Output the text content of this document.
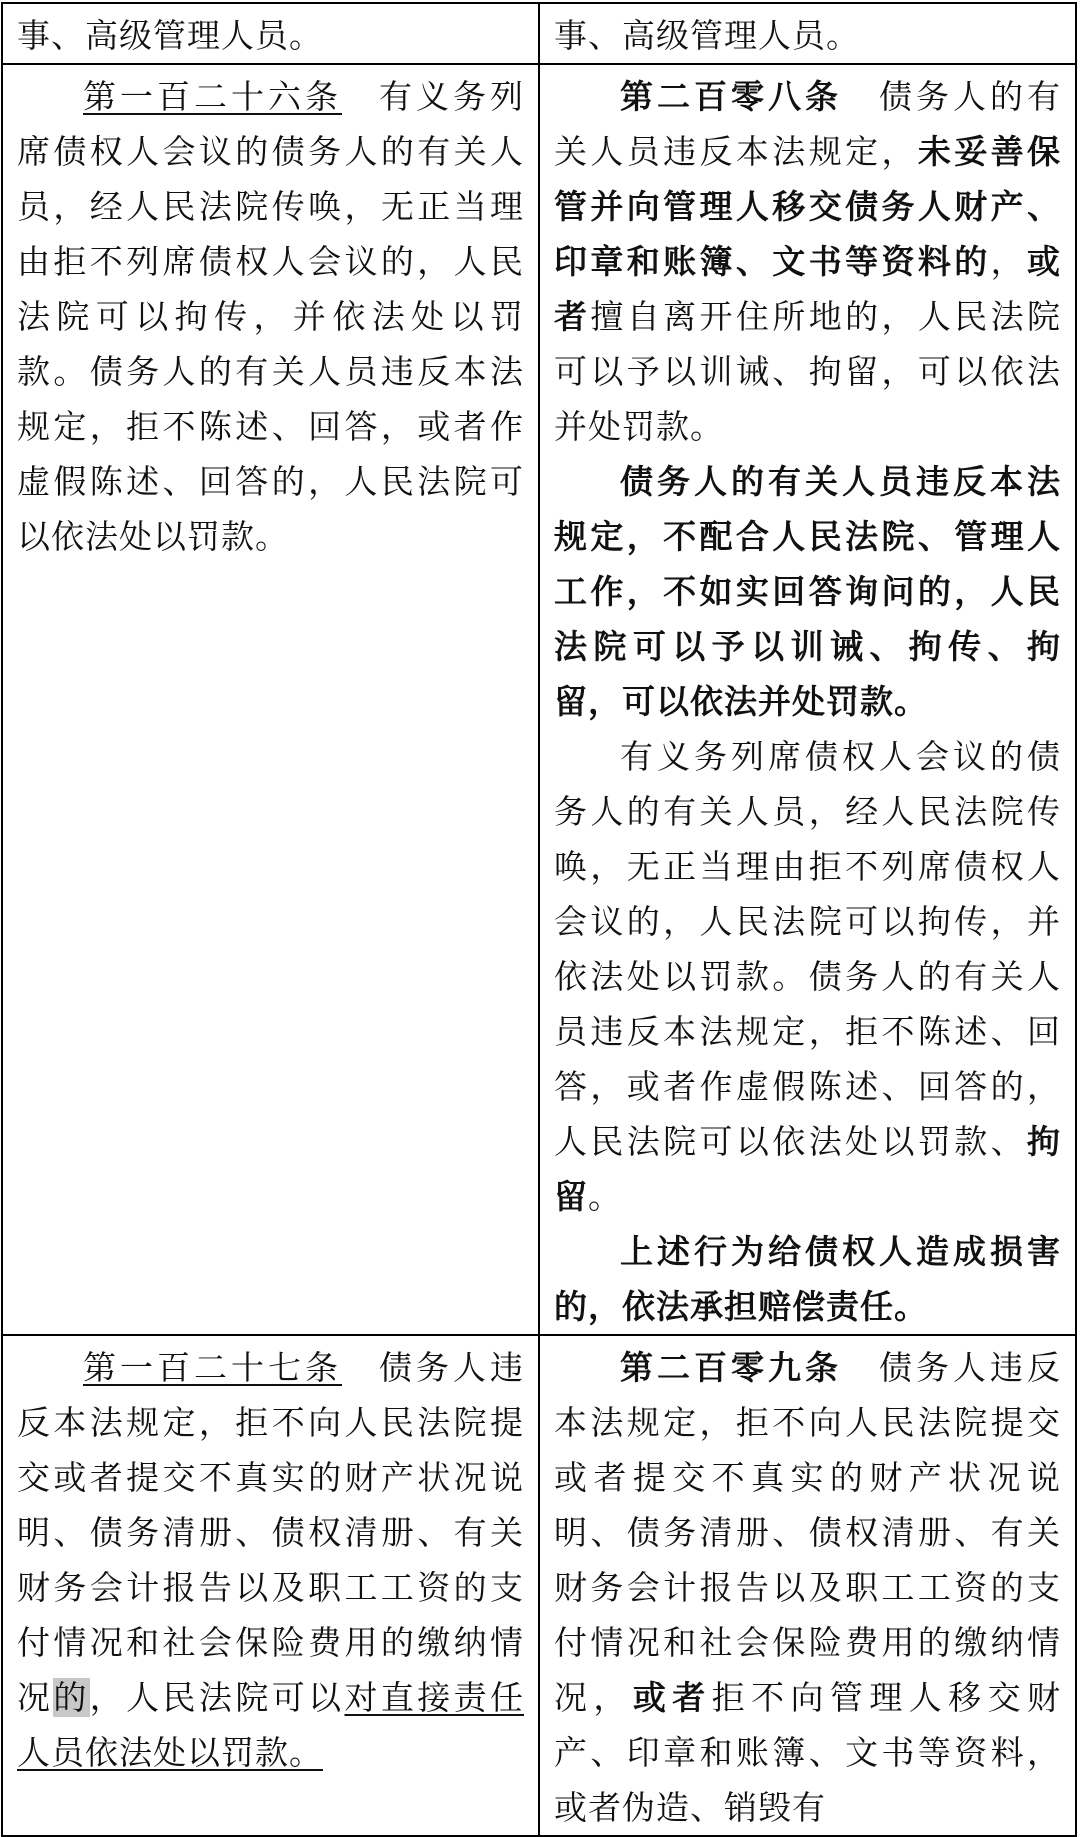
事、高级管理人员。	事、高级管理人员。

第一百二十六条　 有义务列席债权人会议的债务人的有关人员，经人民法院传唤，无正当理由拒不列席债权人会议的，人民法院可以拘传，并依法处以罚款。债务人的有关人员违反本法规定，拒不陈述、回答，或者作虚假陈述、回答的，人民法院可以依法处以罚款。	第二百零八条　 债务人的有关人员违反本法规定，未妥善保管并向管理人移交债务人财产、印章和账簿、文书等资料的，或者擅自离开住所地的，人民法院可以予以训诫、拘留，可以依法并处罚款。

债务人的有关人员违反本法规定，不配合人民法院、管理人工作，不如实回答询问的，人民法院可以予以训诫、拘传、拘留，可以依法并处罚款。

有义务列席债权人会议的债务人的有关人员，经人民法院传唤，无正当理由拒不列席债权人会议的，人民法院可以拘传，并依法处以罚款。债务人的有关人员违反本法规定，拒不陈述、回答，或者作虚假陈述、回答的，人民法院可以依法处以罚款、拘留。

上述行为给债权人造成损害的，依法承担赔偿责任。

第一百二十七条　 债务人违反本法规定，拒不向人民法院提交或者提交不真实的财产状况说明、债务清册、债权清册、有关财务会计报告以及职工工资的支付情况和社会保险费用的缴纳情况的，人民法院可以对直接责任人员依法处以罚款。	第二百零九条　 债务人违反本法规定，拒不向人民法院提交或者提交不真实的财产状况说明、债务清册、债权清册、有关财务会计报告以及职工工资的支付情况和社会保险费用的缴纳情况，或者拒不向管理人移交财产、印章和账簿、文书等资料，或者伪造、销毁有
